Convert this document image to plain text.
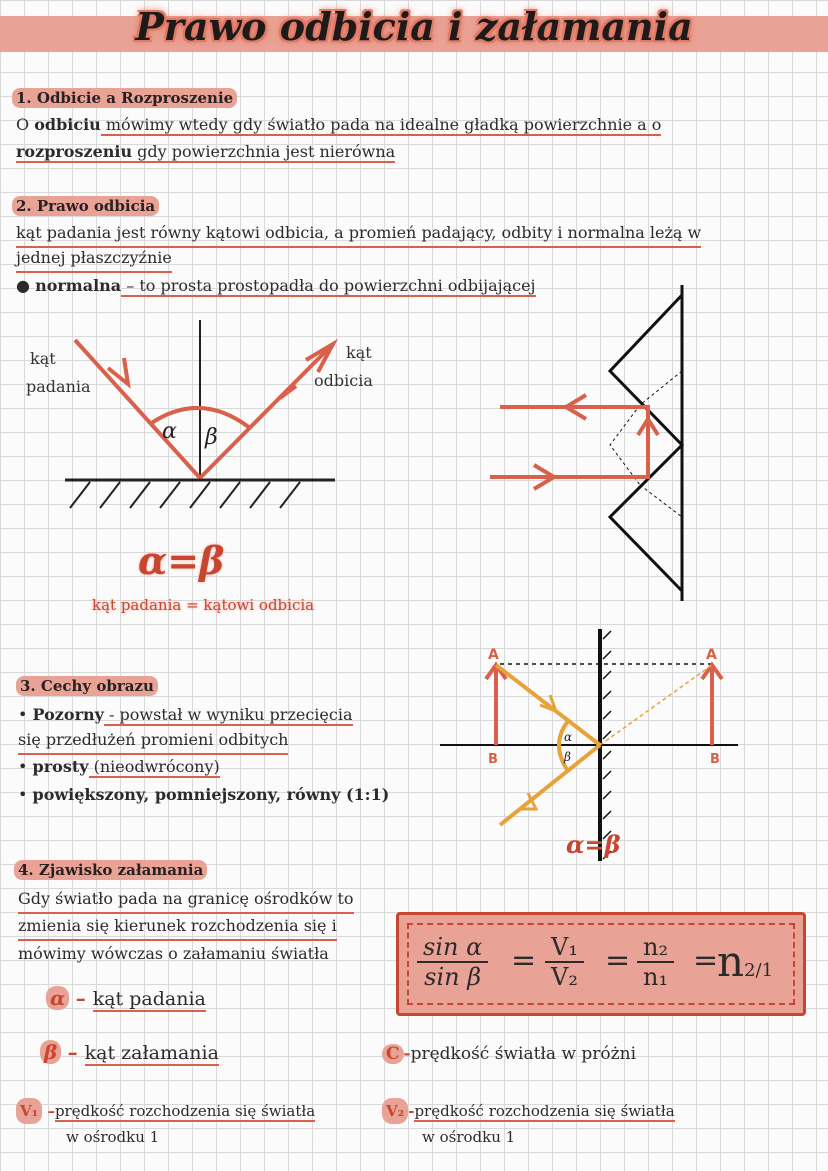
Prawo odbicia i załamania
1. Odbicie a Rozproszenie
O odbiciu mówimy wtedy gdy światło pada na idealne gładką powierzchnie a o
rozproszeniu gdy powierzchnia jest nierówna
2. Prawo odbicia
kąt padania jest równy kątowi odbicia, a promień padający, odbity i normalna leżą w
jednej płaszczyźnie
● normalna – to prosta prostopadła do powierzchni odbijającej
α β
kąt
padania
kąt
odbicia
α=β
kąt padania = kątowi odbicia
3. Cechy obrazu
• Pozorny - powstał w wyniku przecięcia
się przedłużeń promieni odbitych
• prosty (nieodwrócony)
• powiększony, pomniejszony, równy (1:1)
α
β
A	A
B	B
α=β
4. Zjawisko załamania
Gdy światło pada na granicę ośrodków to
zmienia się kierunek rozchodzenia się i
mówimy wówczas o załamaniu światła	$\frac{\text{sin α}}{\text{sin β}} = \frac{\text{V₁}}{\text{V₂}} = \frac{\text{n₂}}{\text{n₁}}$ =
n2/1
α – kąt padania
β – kąt załamania	C -prędkość światła w próżni
V₁ –prędkość rozchodzenia się światła
w ośrodku 1
V₂ -prędkość rozchodzenia się światła
w ośrodku 1
